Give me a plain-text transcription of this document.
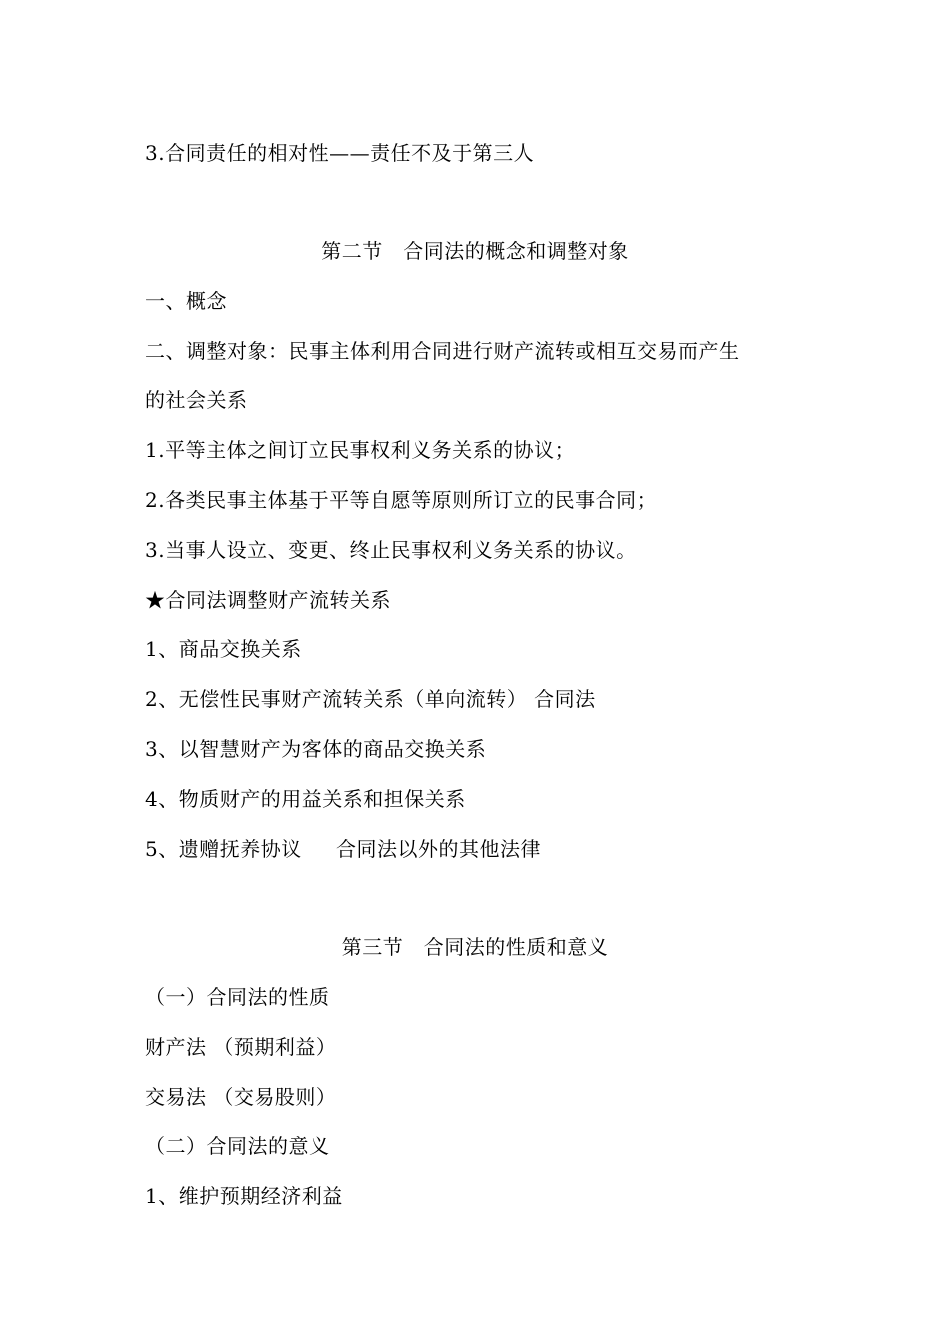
3.合同责任的相对性——责任不及于第三人
第二节   合同法的概念和调整对象
一、概念
二、调整对象：民事主体利用合同进行财产流转或相互交易而产生
的社会关系
1.平等主体之间订立民事权利义务关系的协议；
2.各类民事主体基于平等自愿等原则所订立的民事合同；
3.当事人设立、变更、终止民事权利义务关系的协议。
★合同法调整财产流转关系
1、商品交换关系
2、无偿性民事财产流转关系（单向流转） 合同法
3、以智慧财产为客体的商品交换关系
4、物质财产的用益关系和担保关系
5、遗赠抚养协议     合同法以外的其他法律
第三节   合同法的性质和意义
（一）合同法的性质
财产法 （预期利益）
交易法 （交易股则）
（二）合同法的意义
1、维护预期经济利益
